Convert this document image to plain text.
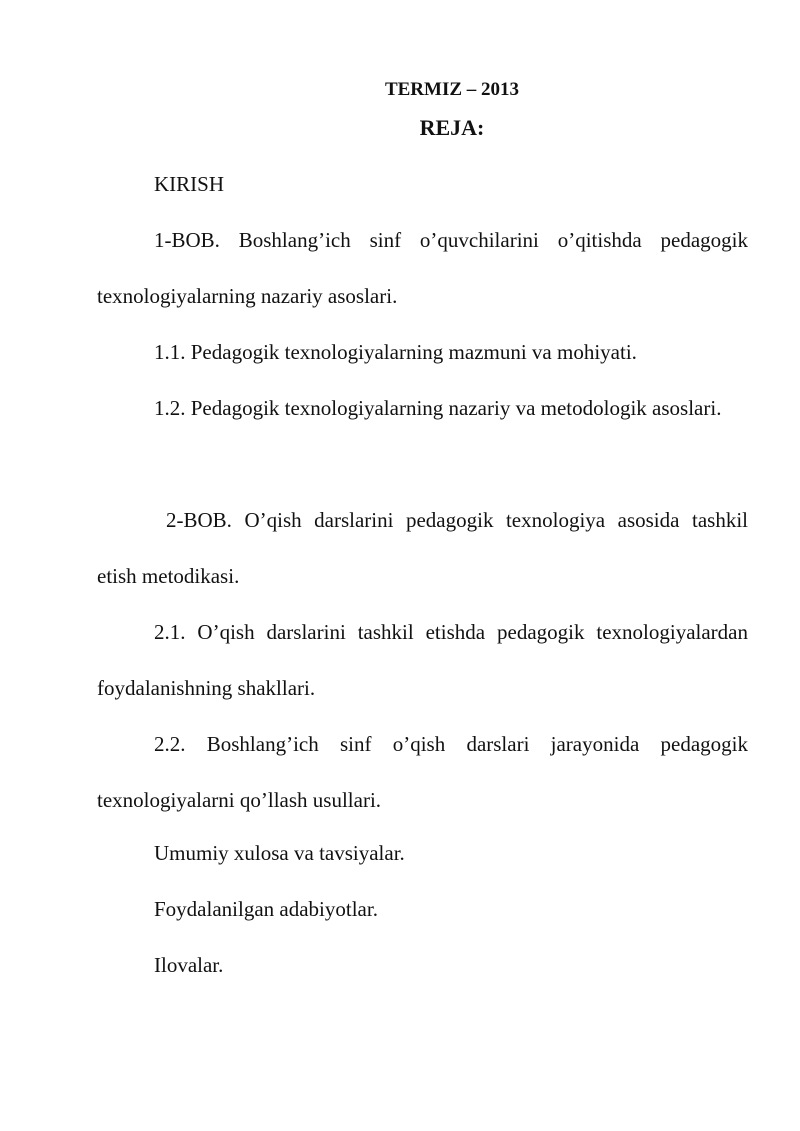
TERMIZ – 2013
REJA:
KIRISH
1-BOB. Boshlang’ich sinf o’quvchilarini o’qitishda pedagogik texnologiyalarning nazariy asoslari.
1.1. Pedagogik texnologiyalarning mazmuni va mohiyati.
1.2. Pedagogik texnologiyalarning nazariy va metodologik asoslari.
2-BOB. O’qish darslarini pedagogik texnologiya asosida tashkil etish metodikasi.
2.1. O’qish darslarini tashkil etishda pedagogik texnologiyalardan foydalanishning shakllari.
2.2. Boshlang’ich sinf o’qish darslari jarayonida pedagogik texnologiyalarni qo’llash usullari.
Umumiy xulosa va tavsiyalar.
Foydalanilgan adabiyotlar.
Ilovalar.
